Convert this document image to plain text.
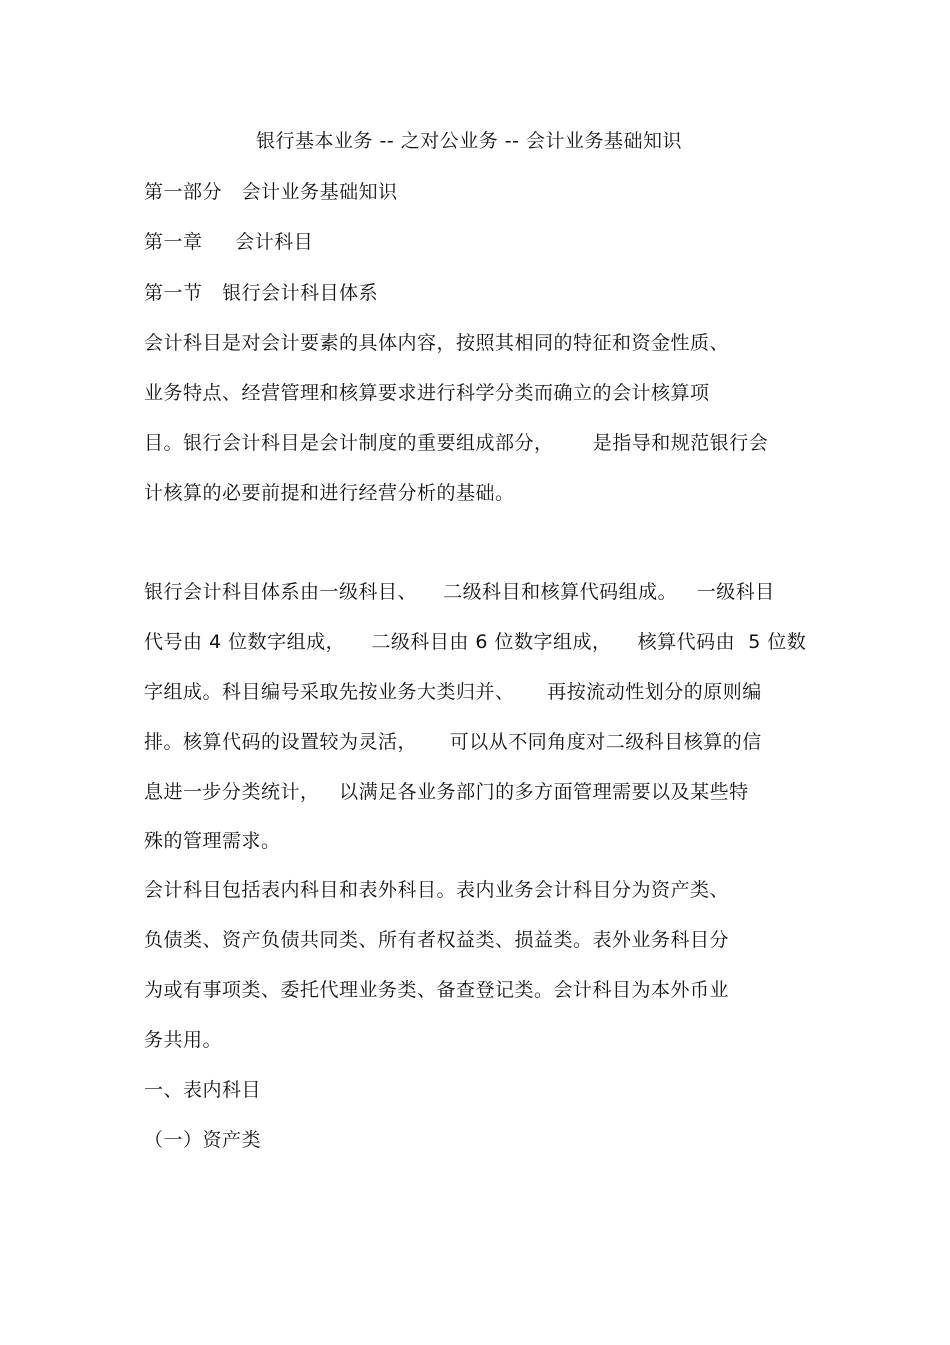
银行基本业务 -- 之对公业务 -- 会计业务基础知识
第一部分   会计业务基础知识
第一章     会计科目
第一节   银行会计科目体系
会计科目是对会计要素的具体内容，按照其相同的特征和资金性质、
业务特点、经营管理和核算要求进行科学分类而确立的会计核算项
目。银行会计科目是会计制度的重要组成部分，      是指导和规范银行会
计核算的必要前提和进行经营分析的基础。
银行会计科目体系由一级科目、    二级科目和核算代码组成。   一级科目
代号由 4 位数字组成，    二级科目由 6 位数字组成，    核算代码由  5 位数
字组成。科目编号采取先按业务大类归并、     再按流动性划分的原则编
排。核算代码的设置较为灵活，     可以从不同角度对二级科目核算的信
息进一步分类统计，   以满足各业务部门的多方面管理需要以及某些特
殊的管理需求。
会计科目包括表内科目和表外科目。表内业务会计科目分为资产类、
负债类、资产负债共同类、所有者权益类、损益类。表外业务科目分
为或有事项类、委托代理业务类、备查登记类。会计科目为本外币业
务共用。
一、表内科目
（一）资产类
